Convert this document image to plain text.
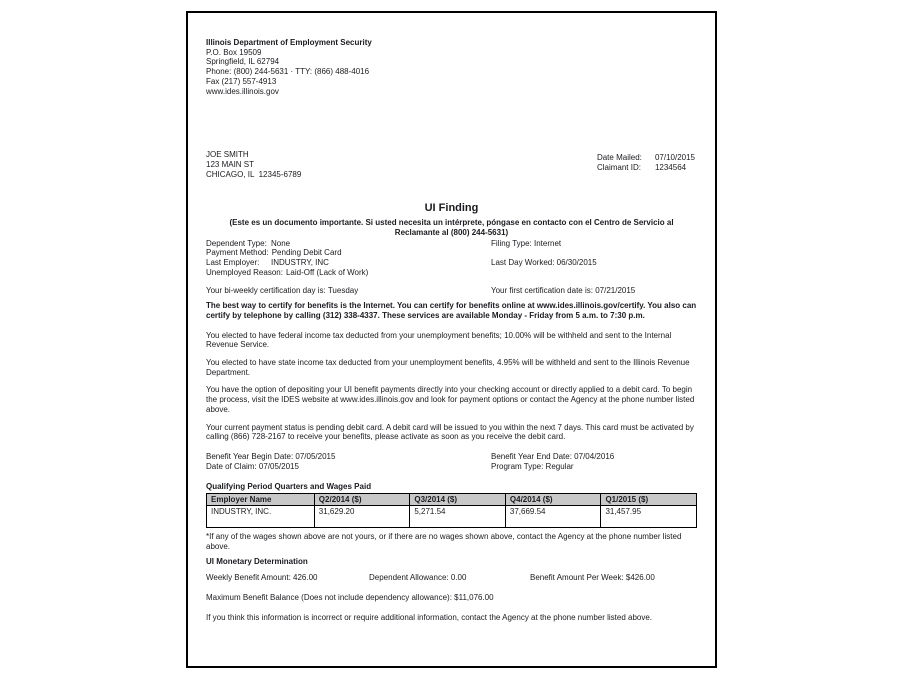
Illinois Department of Employment Security
P.O. Box 19509
Springfield, IL 62794
Phone: (800) 244-5631 · TTY: (866) 488-4016
Fax (217) 557-4913
www.ides.illinois.gov
JOE SMITH
123 MAIN ST
CHICAGO, IL  12345-6789
Date Mailed:	07/10/2015
Claimant ID:	1234564
UI Finding
(Este es un documento importante. Si usted necesita un intérprete, póngase en contacto con el Centro de Servicio al Reclamante al (800) 244-5631)
Dependent Type: None	Filing Type: Internet
Payment Method: Pending Debit Card
Last Employer: INDUSTRY, INC	Last Day Worked: 06/30/2015
Unemployed Reason: Laid-Off (Lack of Work)
Your bi-weekly certification day is: Tuesday	Your first certification date is: 07/21/2015

The best way to certify for benefits is the Internet. You can certify for benefits online at www.ides.illinois.gov/certify. You also can certify by telephone by calling (312) 338-4337. These services are available Monday - Friday from 5 a.m. to 7:30 p.m.

You elected to have federal income tax deducted from your unemployment benefits; 10.00% will be withheld and sent to the Internal Revenue Service.

You elected to have state income tax deducted from your unemployment benefits, 4.95% will be withheld and sent to the Illinois Revenue Department.

You have the option of depositing your UI benefit payments directly into your checking account or directly applied to a debit card. To begin the process, visit the IDES website at www.ides.illinois.gov and look for payment options or contact the Agency at the phone number listed above.

Your current payment status is pending debit card. A debit card will be issued to you within the next 7 days. This card must be activated by calling (866) 728-2167 to receive your benefits, please activate as soon as you receive the debit card.

Benefit Year Begin Date: 07/05/2015	Benefit Year End Date: 07/04/2016
Date of Claim: 07/05/2015	Program Type: Regular
Qualifying Period Quarters and Wages Paid
Employer Name	Q2/2014 ($)	Q3/2014 ($)	Q4/2014 ($)	Q1/2015 ($)
INDUSTRY, INC.	31,629.20	5,271.54	37,669.54	31,457.95

*If any of the wages shown above are not yours, or if there are no wages shown above, contact the Agency at the phone number listed above.

UI Monetary Determination
Weekly Benefit Amount: 426.00	Dependent Allowance: 0.00	Benefit Amount Per Week: $426.00

Maximum Benefit Balance (Does not include dependency allowance): $11,076.00

If you think this information is incorrect or require additional information, contact the Agency at the phone number listed above.
